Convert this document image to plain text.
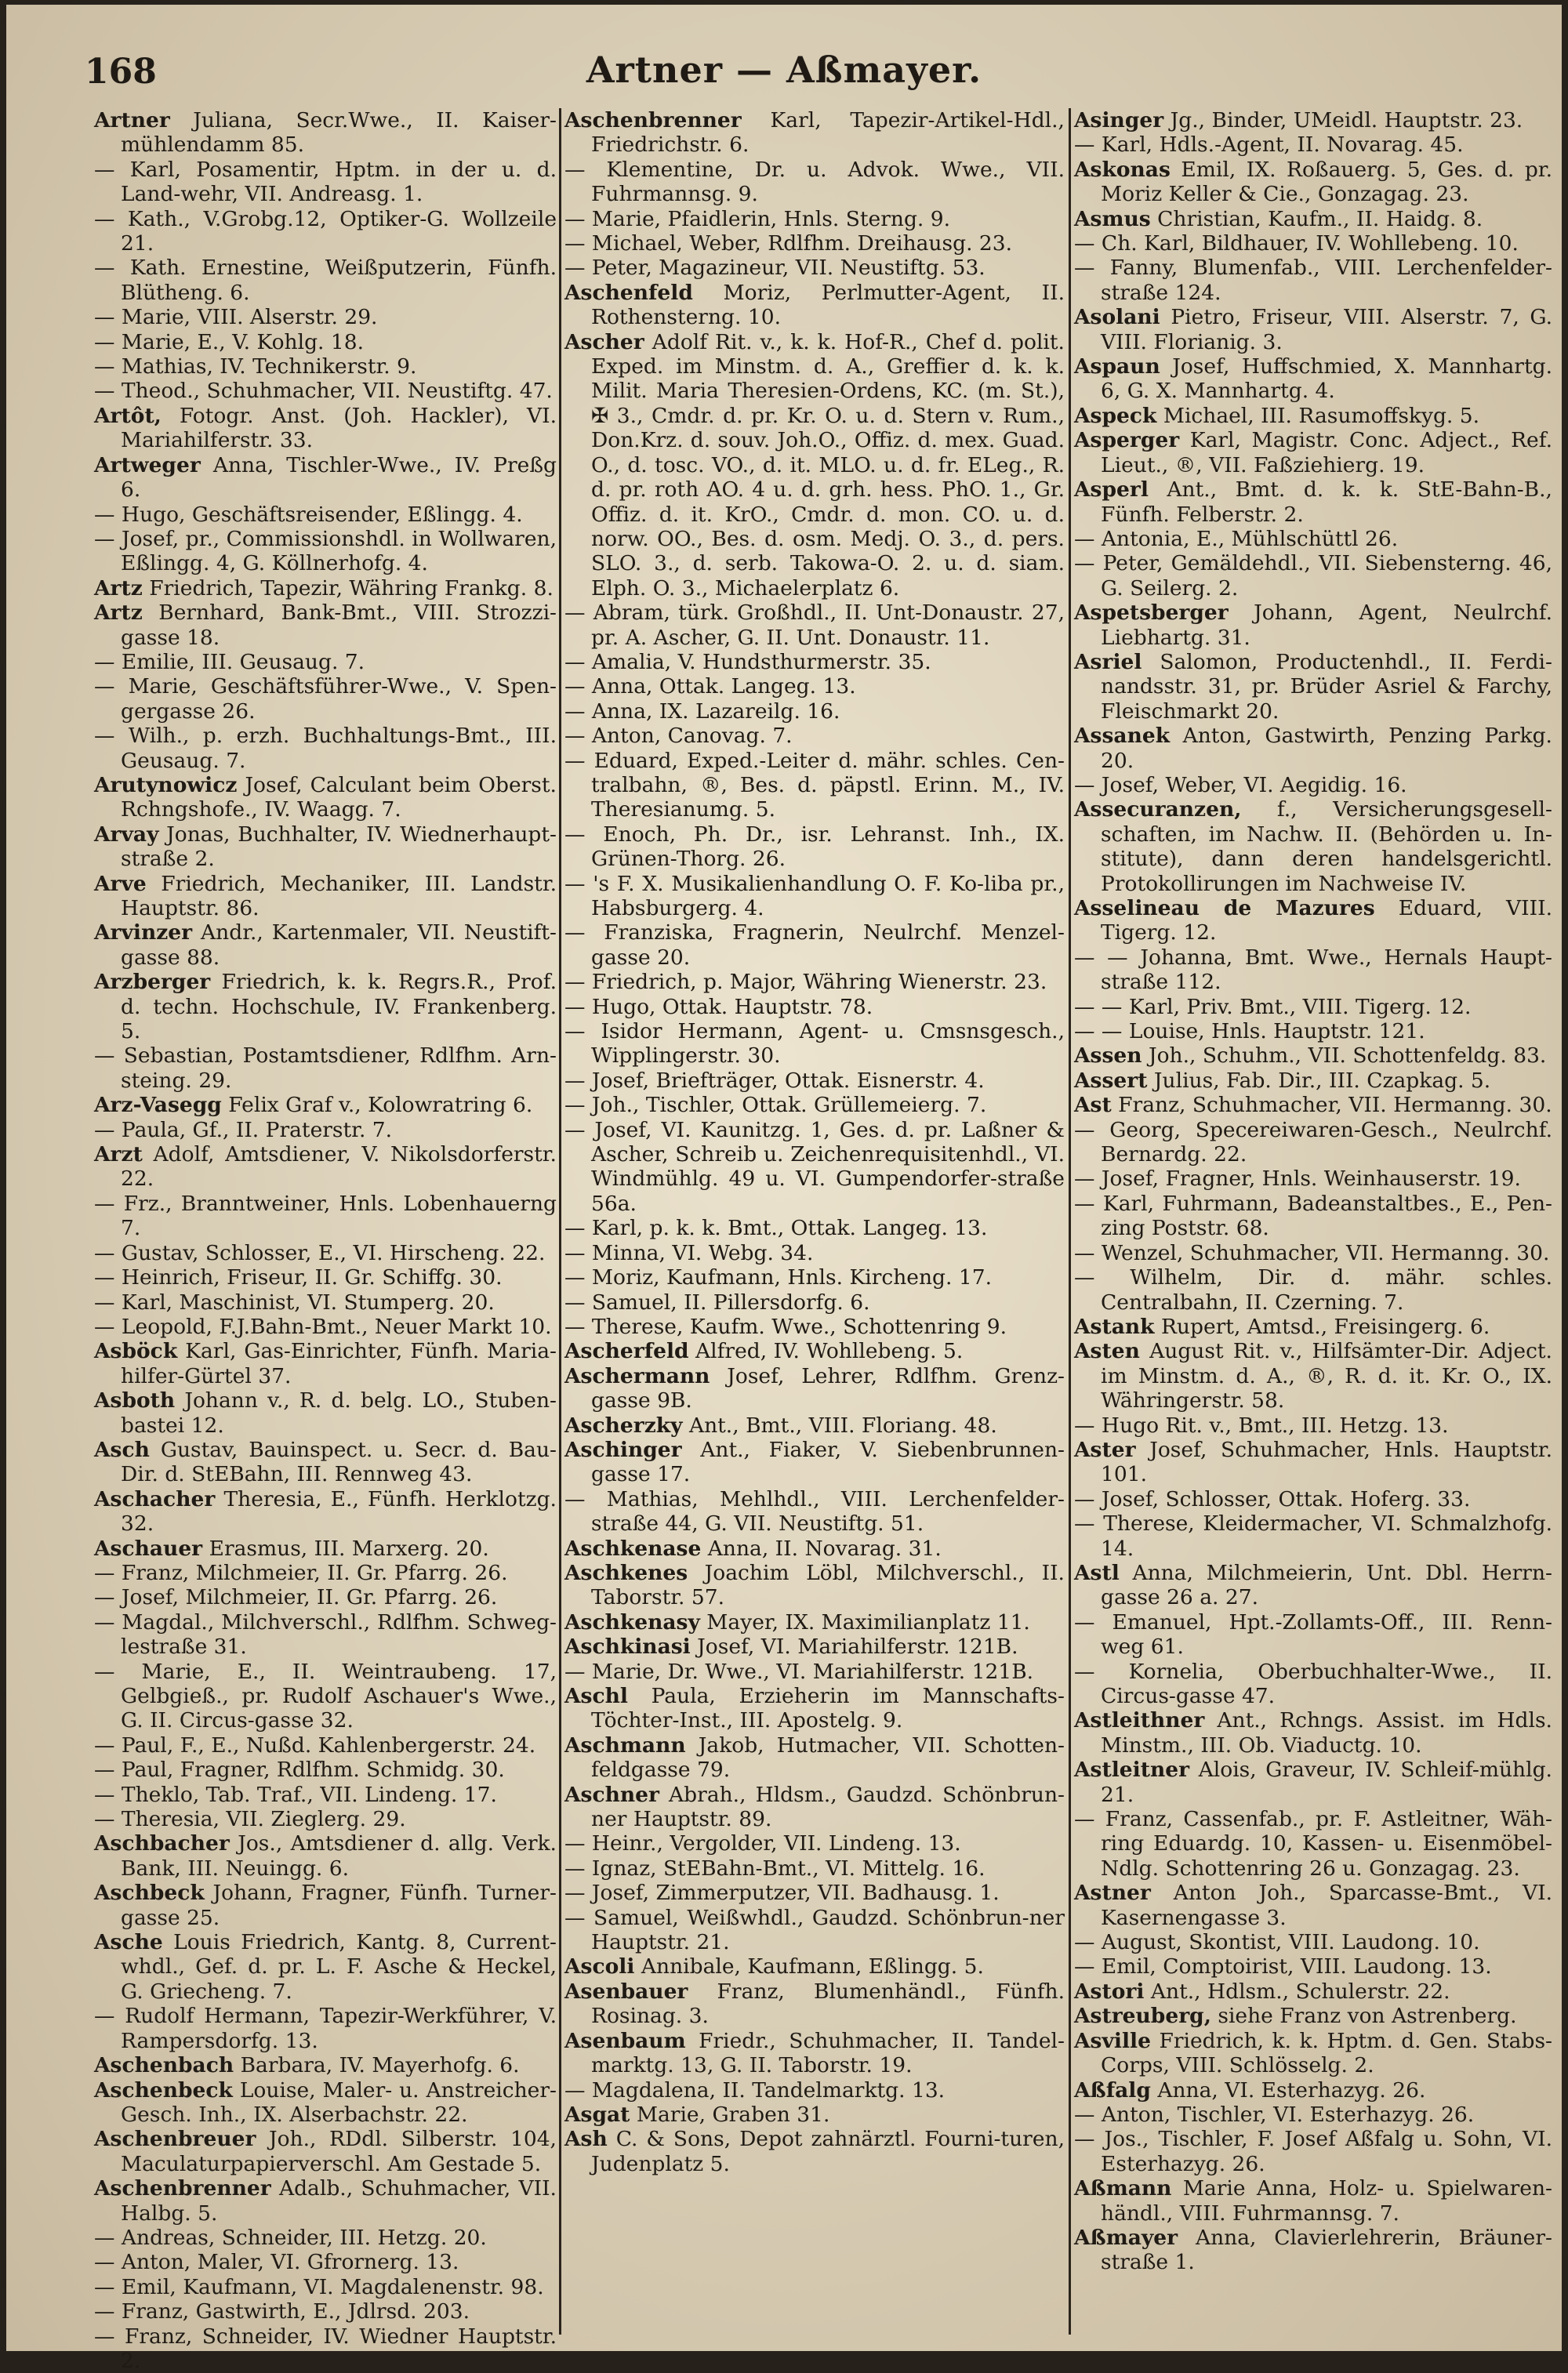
168	Artner — Aßmayer.

Artner Juliana, Secr.Wwe., II. Kaiser-mühlendamm 85.

— Karl, Posamentir, Hptm. in der u. d. Land-wehr, VII. Andreasg. 1.

— Kath., V.Grobg.12, Optiker-G. Wollzeile 21.

— Kath. Ernestine, Weißputzerin, Fünfh. Blütheng. 6.

— Marie, VIII. Alserstr. 29.

— Marie, E., V. Kohlg. 18.

— Mathias, IV. Technikerstr. 9.

— Theod., Schuhmacher, VII. Neustiftg. 47.

Artôt, Fotogr. Anst. (Joh. Hackler), VI. Mariahilferstr. 33.

Artweger Anna, Tischler-Wwe., IV. Preßg 6.

— Hugo, Geschäftsreisender, Eßlingg. 4.

— Josef, pr., Commissionshdl. in Wollwaren, Eßlingg. 4, G. Köllnerhofg. 4.

Artz Friedrich, Tapezir, Währing Frankg. 8.

Artz Bernhard, Bank-Bmt., VIII. Strozzi-gasse 18.

— Emilie, III. Geusaug. 7.

— Marie, Geschäftsführer-Wwe., V. Spen-gergasse 26.

— Wilh., p. erzh. Buchhaltungs-Bmt., III. Geusaug. 7.

Arutynowicz Josef, Calculant beim Oberst. Rchngshofe., IV. Waagg. 7.

Arvay Jonas, Buchhalter, IV. Wiednerhaupt-straße 2.

Arve Friedrich, Mechaniker, III. Landstr. Hauptstr. 86.

Arvinzer Andr., Kartenmaler, VII. Neustift-gasse 88.

Arzberger Friedrich, k. k. Regrs.R., Prof. d. techn. Hochschule, IV. Frankenberg. 5.

— Sebastian, Postamtsdiener, Rdlfhm. Arn-steing. 29.

Arz-Vasegg Felix Graf v., Kolowratring 6.

— Paula, Gf., II. Praterstr. 7.

Arzt Adolf, Amtsdiener, V. Nikolsdorferstr. 22.

— Frz., Branntweiner, Hnls. Lobenhauerng 7.

— Gustav, Schlosser, E., VI. Hirscheng. 22.

— Heinrich, Friseur, II. Gr. Schiffg. 30.

— Karl, Maschinist, VI. Stumperg. 20.

— Leopold, F.J.Bahn-Bmt., Neuer Markt 10.

Asböck Karl, Gas-Einrichter, Fünfh. Maria-hilfer-Gürtel 37.

Asboth Johann v., R. d. belg. LO., Stuben-bastei 12.

Asch Gustav, Bauinspect. u. Secr. d. Bau-Dir. d. StEBahn, III. Rennweg 43.

Aschacher Theresia, E., Fünfh. Herklotzg. 32.

Aschauer Erasmus, III. Marxerg. 20.

— Franz, Milchmeier, II. Gr. Pfarrg. 26.

— Josef, Milchmeier, II. Gr. Pfarrg. 26.

— Magdal., Milchverschl., Rdlfhm. Schweg-lestraße 31.

— Marie, E., II. Weintraubeng. 17, Gelbgieß., pr. Rudolf Aschauer's Wwe., G. II. Circus-gasse 32.

— Paul, F., E., Nußd. Kahlenbergerstr. 24.

— Paul, Fragner, Rdlfhm. Schmidg. 30.

— Theklo, Tab. Traf., VII. Lindeng. 17.

— Theresia, VII. Zieglerg. 29.

Aschbacher Jos., Amtsdiener d. allg. Verk. Bank, III. Neuingg. 6.

Aschbeck Johann, Fragner, Fünfh. Turner-gasse 25.

Asche Louis Friedrich, Kantg. 8, Current-whdl., Gef. d. pr. L. F. Asche & Heckel, G. Griecheng. 7.

— Rudolf Hermann, Tapezir-Werkführer, V. Rampersdorfg. 13.

Aschenbach Barbara, IV. Mayerhofg. 6.

Aschenbeck Louise, Maler- u. Anstreicher-Gesch. Inh., IX. Alserbachstr. 22.

Aschenbreuer Joh., RDdl. Silberstr. 104, Maculaturpapierverschl. Am Gestade 5.

Aschenbrenner Adalb., Schuhmacher, VII. Halbg. 5.

— Andreas, Schneider, III. Hetzg. 20.

— Anton, Maler, VI. Gfrornerg. 13.

— Emil, Kaufmann, VI. Magdalenenstr. 98.

— Franz, Gastwirth, E., Jdlrsd. 203.

— Franz, Schneider, IV. Wiedner Hauptstr. 2.

Aschenbrenner Karl, Tapezir-Artikel-Hdl., Friedrichstr. 6.

— Klementine, Dr. u. Advok. Wwe., VII. Fuhrmannsg. 9.

— Marie, Pfaidlerin, Hnls. Sterng. 9.

— Michael, Weber, Rdlfhm. Dreihausg. 23.

— Peter, Magazineur, VII. Neustiftg. 53.

Aschenfeld Moriz, Perlmutter-Agent, II. Rothensterng. 10.

Ascher Adolf Rit. v., k. k. Hof-R., Chef d. polit. Exped. im Minstm. d. A., Greffier d. k. k. Milit. Maria Theresien-Ordens, KC. (m. St.), ✠ 3., Cmdr. d. pr. Kr. O. u. d. Stern v. Rum., Don.Krz. d. souv. Joh.O., Offiz. d. mex. Guad. O., d. tosc. VO., d. it. MLO. u. d. fr. ELeg., R. d. pr. roth AO. 4 u. d. grh. hess. PhO. 1., Gr. Offiz. d. it. KrO., Cmdr. d. mon. CO. u. d. norw. OO., Bes. d. osm. Medj. O. 3., d. pers. SLO. 3., d. serb. Takowa-O. 2. u. d. siam. Elph. O. 3., Michaelerplatz 6.

— Abram, türk. Großhdl., II. Unt-Donaustr. 27, pr. A. Ascher, G. II. Unt. Donaustr. 11.

— Amalia, V. Hundsthurmerstr. 35.

— Anna, Ottak. Langeg. 13.

— Anna, IX. Lazareilg. 16.

— Anton, Canovag. 7.

— Eduard, Exped.-Leiter d. mähr. schles. Cen-tralbahn, ®, Bes. d. päpstl. Erinn. M., IV. Theresianumg. 5.

— Enoch, Ph. Dr., isr. Lehranst. Inh., IX. Grünen-Thorg. 26.

— 's F. X. Musikalienhandlung O. F. Ko-liba pr., Habsburgerg. 4.

— Franziska, Fragnerin, Neulrchf. Menzel-gasse 20.

— Friedrich, p. Major, Währing Wienerstr. 23.

— Hugo, Ottak. Hauptstr. 78.

— Isidor Hermann, Agent- u. Cmsnsgesch., Wipplingerstr. 30.

— Josef, Briefträger, Ottak. Eisnerstr. 4.

— Joh., Tischler, Ottak. Grüllemeierg. 7.

— Josef, VI. Kaunitzg. 1, Ges. d. pr. Laßner & Ascher, Schreib u. Zeichenrequisitenhdl., VI. Windmühlg. 49 u. VI. Gumpendorfer-straße 56a.

— Karl, p. k. k. Bmt., Ottak. Langeg. 13.

— Minna, VI. Webg. 34.

— Moriz, Kaufmann, Hnls. Kircheng. 17.

— Samuel, II. Pillersdorfg. 6.

— Therese, Kaufm. Wwe., Schottenring 9.

Ascherfeld Alfred, IV. Wohllebeng. 5.

Aschermann Josef, Lehrer, Rdlfhm. Grenz-gasse 9B.

Ascherzky Ant., Bmt., VIII. Floriang. 48.

Aschinger Ant., Fiaker, V. Siebenbrunnen-gasse 17.

— Mathias, Mehlhdl., VIII. Lerchenfelder-straße 44, G. VII. Neustiftg. 51.

Aschkenase Anna, II. Novarag. 31.

Aschkenes Joachim Löbl, Milchverschl., II. Taborstr. 57.

Aschkenasy Mayer, IX. Maximilianplatz 11.

Aschkinasi Josef, VI. Mariahilferstr. 121B.

— Marie, Dr. Wwe., VI. Mariahilferstr. 121B.

Aschl Paula, Erzieherin im Mannschafts-Töchter-Inst., III. Apostelg. 9.

Aschmann Jakob, Hutmacher, VII. Schotten-feldgasse 79.

Aschner Abrah., Hldsm., Gaudzd. Schönbrun-ner Hauptstr. 89.

— Heinr., Vergolder, VII. Lindeng. 13.

— Ignaz, StEBahn-Bmt., VI. Mittelg. 16.

— Josef, Zimmerputzer, VII. Badhausg. 1.

— Samuel, Weißwhdl., Gaudzd. Schönbrun-ner Hauptstr. 21.

Ascoli Annibale, Kaufmann, Eßlingg. 5.

Asenbauer Franz, Blumenhändl., Fünfh. Rosinag. 3.

Asenbaum Friedr., Schuhmacher, II. Tandel-marktg. 13, G. II. Taborstr. 19.

— Magdalena, II. Tandelmarktg. 13.

Asgat Marie, Graben 31.

Ash C. & Sons, Depot zahnärztl. Fourni-turen, Judenplatz 5.

Asinger Jg., Binder, UMeidl. Hauptstr. 23.

— Karl, Hdls.-Agent, II. Novarag. 45.

Askonas Emil, IX. Roßauerg. 5, Ges. d. pr. Moriz Keller & Cie., Gonzagag. 23.

Asmus Christian, Kaufm., II. Haidg. 8.

— Ch. Karl, Bildhauer, IV. Wohllebeng. 10.

— Fanny, Blumenfab., VIII. Lerchenfelder-straße 124.

Asolani Pietro, Friseur, VIII. Alserstr. 7, G. VIII. Florianig. 3.

Aspaun Josef, Huffschmied, X. Mannhartg. 6, G. X. Mannhartg. 4.

Aspeck Michael, III. Rasumoffskyg. 5.

Asperger Karl, Magistr. Conc. Adject., Ref. Lieut., ®, VII. Faßziehierg. 19.

Asperl Ant., Bmt. d. k. k. StE-Bahn-B., Fünfh. Felberstr. 2.

— Antonia, E., Mühlschüttl 26.

— Peter, Gemäldehdl., VII. Siebensterng. 46, G. Seilerg. 2.

Aspetsberger Johann, Agent, Neulrchf. Liebhartg. 31.

Asriel Salomon, Productenhdl., II. Ferdi-nandsstr. 31, pr. Brüder Asriel & Farchy, Fleischmarkt 20.

Assanek Anton, Gastwirth, Penzing Parkg. 20.

— Josef, Weber, VI. Aegidig. 16.

Assecuranzen, f., Versicherungsgesell-schaften, im Nachw. II. (Behörden u. In-stitute), dann deren handelsgerichtl. Protokollirungen im Nachweise IV.

Asselineau de Mazures Eduard, VIII. Tigerg. 12.

— — Johanna, Bmt. Wwe., Hernals Haupt-straße 112.

— — Karl, Priv. Bmt., VIII. Tigerg. 12.

— — Louise, Hnls. Hauptstr. 121.

Assen Joh., Schuhm., VII. Schottenfeldg. 83.

Assert Julius, Fab. Dir., III. Czapkag. 5.

Ast Franz, Schuhmacher, VII. Hermanng. 30.

— Georg, Specereiwaren-Gesch., Neulrchf. Bernardg. 22.

— Josef, Fragner, Hnls. Weinhauserstr. 19.

— Karl, Fuhrmann, Badeanstaltbes., E., Pen-zing Poststr. 68.

— Wenzel, Schuhmacher, VII. Hermanng. 30.

— Wilhelm, Dir. d. mähr. schles. Centralbahn, II. Czerning. 7.

Astank Rupert, Amtsd., Freisingerg. 6.

Asten August Rit. v., Hilfsämter-Dir. Adject. im Minstm. d. A., ®, R. d. it. Kr. O., IX. Währingerstr. 58.

— Hugo Rit. v., Bmt., III. Hetzg. 13.

Aster Josef, Schuhmacher, Hnls. Hauptstr. 101.

— Josef, Schlosser, Ottak. Hoferg. 33.

— Therese, Kleidermacher, VI. Schmalzhofg. 14.

Astl Anna, Milchmeierin, Unt. Dbl. Herrn-gasse 26 a. 27.

— Emanuel, Hpt.-Zollamts-Off., III. Renn-weg 61.

— Kornelia, Oberbuchhalter-Wwe., II. Circus-gasse 47.

Astleithner Ant., Rchngs. Assist. im Hdls. Minstm., III. Ob. Viaductg. 10.

Astleitner Alois, Graveur, IV. Schleif-mühlg. 21.

— Franz, Cassenfab., pr. F. Astleitner, Wäh-ring Eduardg. 10, Kassen- u. Eisenmöbel-Ndlg. Schottenring 26 u. Gonzagag. 23.

Astner Anton Joh., Sparcasse-Bmt., VI. Kasernengasse 3.

— August, Skontist, VIII. Laudong. 10.

— Emil, Comptoirist, VIII. Laudong. 13.

Astori Ant., Hdlsm., Schulerstr. 22.

Astreuberg, siehe Franz von Astrenberg.

Asville Friedrich, k. k. Hptm. d. Gen. Stabs-Corps, VIII. Schlösselg. 2.

Aßfalg Anna, VI. Esterhazyg. 26.

— Anton, Tischler, VI. Esterhazyg. 26.

— Jos., Tischler, F. Josef Aßfalg u. Sohn, VI. Esterhazyg. 26.

Aßmann Marie Anna, Holz- u. Spielwaren-händl., VIII. Fuhrmannsg. 7.

Aßmayer Anna, Clavierlehrerin, Bräuner-straße 1.
